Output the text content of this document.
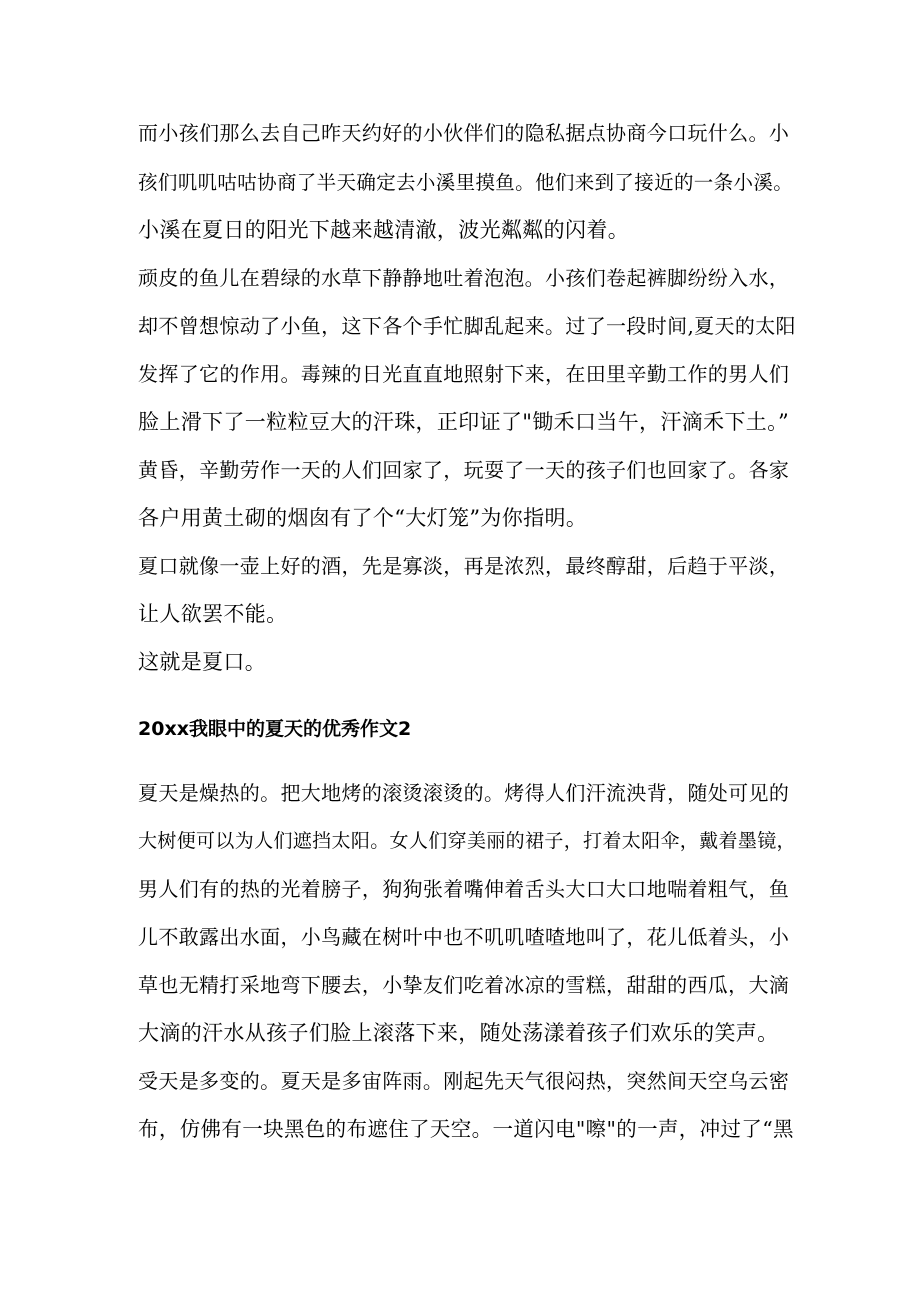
而小孩们那么去自己昨天约好的小伙伴们的隐私据点协商今口玩什么。小
孩们叽叽咕咕协商了半天确定去小溪里摸鱼。他们来到了接近的一条小溪。
小溪在夏日的阳光下越来越清澈，波光粼粼的闪着。
顽皮的鱼儿在碧绿的水草下静静地吐着泡泡。小孩们卷起裤脚纷纷入水，
却不曾想惊动了小鱼，这下各个手忙脚乱起来。过了一段时间,夏天的太阳
发挥了它的作用。毒辣的日光直直地照射下来，在田里辛勤工作的男人们
脸上滑下了一粒粒豆大的汗珠，正印证了"锄禾口当午，汗滴禾下土。”
黄昏，辛勤劳作一天的人们回家了，玩耍了一天的孩子们也回家了。各家
各户用黄土砌的烟囱有了个“大灯笼”为你指明。
夏口就像一壶上好的酒，先是寡淡，再是浓烈，最终醇甜，后趋于平淡，
让人欲罢不能。
这就是夏口。
20xx我眼中的夏天的优秀作文2
夏天是燥热的。把大地烤的滚烫滚烫的。烤得人们汗流泱背，随处可见的
大树便可以为人们遮挡太阳。女人们穿美丽的裙子，打着太阳伞，戴着墨镜，
男人们有的热的光着膀子，狗狗张着嘴伸着舌头大口大口地喘着粗气，鱼
儿不敢露出水面，小鸟藏在树叶中也不叽叽喳喳地叫了，花儿低着头，小
草也无精打采地弯下腰去，小挚友们吃着冰凉的雪糕，甜甜的西瓜，大滴
大滴的汗水从孩子们脸上滚落下来，随处荡漾着孩子们欢乐的笑声。
受天是多变的。夏天是多宙阵雨。刚起先天气很闷热，突然间天空乌云密
布，仿佛有一块黑色的布遮住了天空。一道闪电"嚓"的一声，冲过了“黑
